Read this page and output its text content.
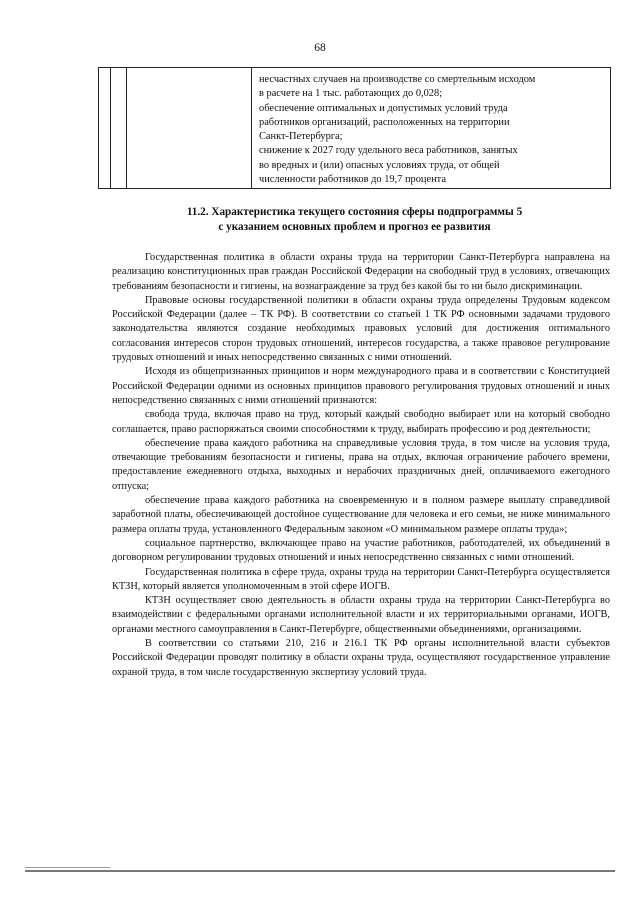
68
несчастных случаев на производстве со смертельным исходом
в расчете на 1 тыс. работающих до 0,028;
обеспечение оптимальных и допустимых условий труда
работников организаций, расположенных на территории
Санкт-Петербурга;
снижение к 2027 году удельного веса работников, занятых
во вредных и (или) опасных условиях труда, от общей
численности работников до 19,7 процента
11.2. Характеристика текущего состояния сферы подпрограммы 5
с указанием основных проблем и прогноз ее развития

Государственная политика в области охраны труда на территории Санкт-Петербурга направлена на реализацию конституционных прав граждан Российской Федерации на свободный труд в условиях, отвечающих требованиям безопасности и гигиены, на вознаграждение за труд без какой бы то ни было дискриминации.

Правовые основы государственной политики в области охраны труда определены Трудовым кодексом Российской Федерации (далее – ТК РФ). В соответствии со статьей 1 ТК РФ основными задачами трудового законодательства являются создание необходимых правовых условий для достижения оптимального согласования интересов сторон трудовых отношений, интересов государства, а также правовое регулирование трудовых отношений и иных непосредственно связанных с ними отношений.

Исходя из общепризнанных принципов и норм международного права и в соответствии с Конституцией Российской Федерации одними из основных принципов правового регулирования трудовых отношений и иных непосредственно связанных с ними отношений признаются:

свобода труда, включая право на труд, который каждый свободно выбирает или на который свободно соглашается, право распоряжаться своими способностями к труду, выбирать профессию и род деятельности;

обеспечение права каждого работника на справедливые условия труда, в том числе на условия труда, отвечающие требованиям безопасности и гигиены, права на отдых, включая ограничение рабочего времени, предоставление ежедневного отдыха, выходных и нерабочих праздничных дней, оплачиваемого ежегодного отпуска;

обеспечение права каждого работника на своевременную и в полном размере выплату справедливой заработной платы, обеспечивающей достойное существование для человека и его семьи, не ниже минимального размера оплаты труда, установленного Федеральным законом «О минимальном размере оплаты труда»;

социальное партнерство, включающее право на участие работников, работодателей, их объединений в договорном регулировании трудовых отношений и иных непосредственно связанных с ними отношений.

Государственная политика в сфере труда, охраны труда на территории Санкт-Петербурга осуществляется КТЗН, который является уполномоченным в этой сфере ИОГВ.

КТЗН осуществляет свою деятельность в области охраны труда на территории Санкт-Петербурга во взаимодействии с федеральными органами исполнительной власти и их территориальными органами, ИОГВ, органами местного самоуправления в Санкт-Петербурге, общественными объединениями, организациями.

В соответствии со статьями 210, 216 и 216.1 ТК РФ органы исполнительной власти субъектов Российской Федерации проводят политику в области охраны труда, осуществляют государственное управление охраной труда, в том числе государственную экспертизу условий труда.
